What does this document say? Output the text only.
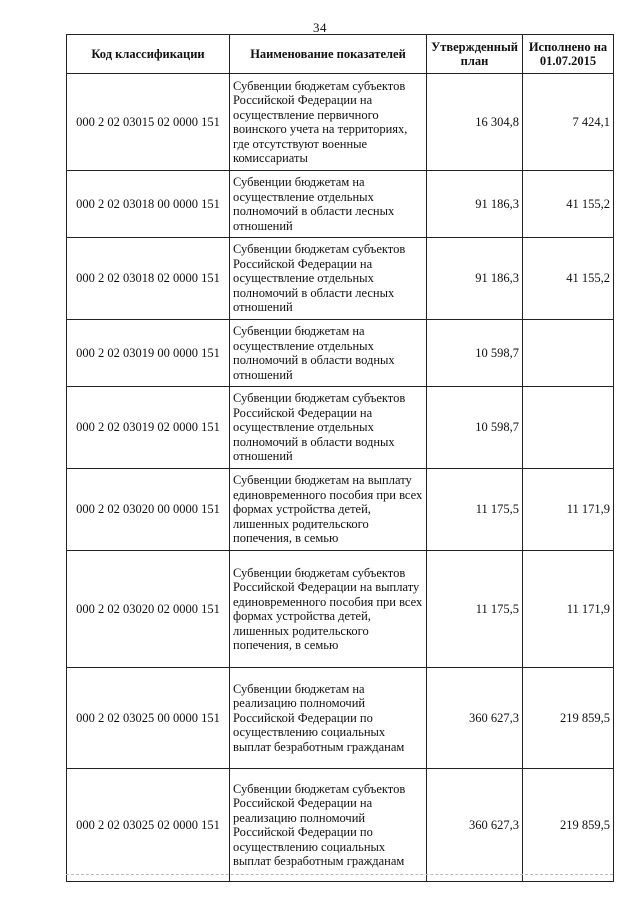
34
Код классификации	Наименование показателей	Утвержденный план	Исполнено на 01.07.2015
000 2 02 03015 02 0000 151	Субвенции бюджетам субъектов Российской Федерации на осуществление первичного воинского учета на территориях, где отсутствуют военные комиссариаты	16 304,8	7 424,1
000 2 02 03018 00 0000 151	Субвенции бюджетам на осуществление отдельных полномочий в области лесных отношений	91 186,3	41 155,2
000 2 02 03018 02 0000 151	Субвенции бюджетам субъектов Российской Федерации на осуществление отдельных полномочий в области лесных отношений	91 186,3	41 155,2
000 2 02 03019 00 0000 151	Субвенции бюджетам на осуществление отдельных полномочий в области водных отношений	10 598,7	
000 2 02 03019 02 0000 151	Субвенции бюджетам субъектов Российской Федерации на осуществление отдельных полномочий в области водных отношений	10 598,7	
000 2 02 03020 00 0000 151	Субвенции бюджетам на выплату единовременного пособия при всех формах устройства детей, лишенных родительского попечения, в семью	11 175,5	11 171,9
000 2 02 03020 02 0000 151	Субвенции бюджетам субъектов Российской Федерации на выплату единовременного пособия при всех формах устройства детей, лишенных родительского попечения, в семью	11 175,5	11 171,9
000 2 02 03025 00 0000 151	Субвенции бюджетам на реализацию полномочий Российской Федерации по осуществлению социальных выплат безработным гражданам	360 627,3	219 859,5
000 2 02 03025 02 0000 151	Субвенции бюджетам субъектов Российской Федерации на реализацию полномочий Российской Федерации по осуществлению социальных выплат безработным гражданам	360 627,3	219 859,5
